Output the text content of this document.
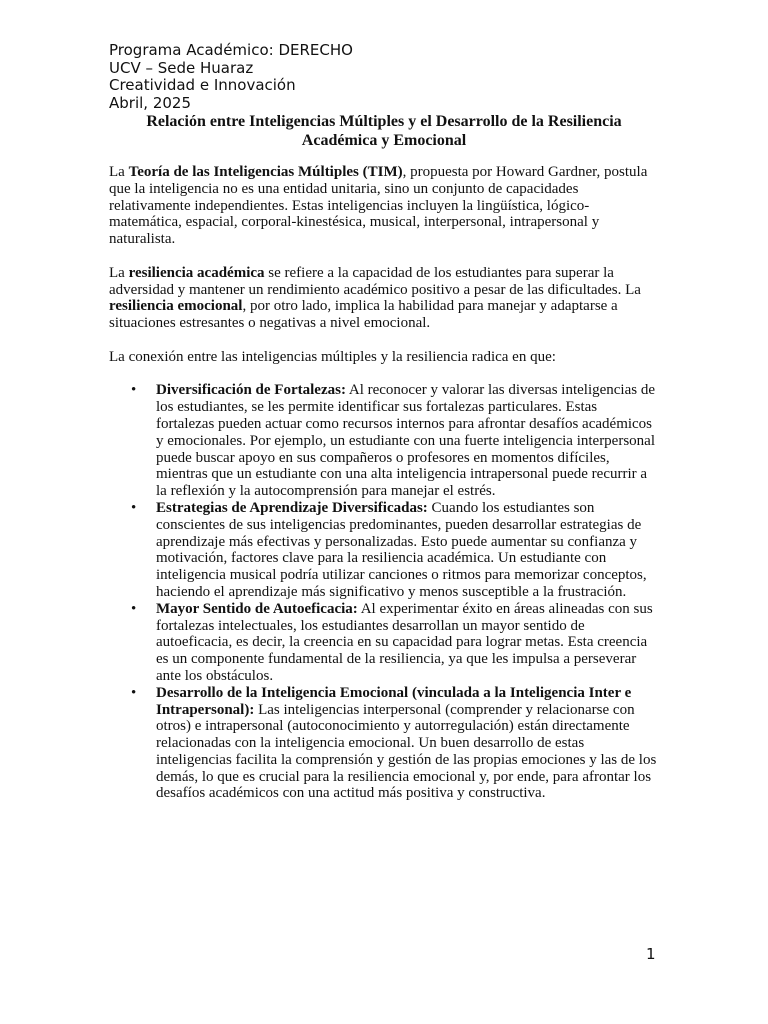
Programa Académico: DERECHO
UCV – Sede Huaraz
Creatividad e Innovación
Abril, 2025
Relación entre Inteligencias Múltiples y el Desarrollo de la Resiliencia
Académica y Emocional

La Teoría de las Inteligencias Múltiples (TIM), propuesta por Howard Gardner, postula que la inteligencia no es una entidad unitaria, sino un conjunto de capacidades relativamente independientes. Estas inteligencias incluyen la lingüística, lógico-matemática, espacial, corporal-kinestésica, musical, interpersonal, intrapersonal y naturalista.

La resiliencia académica se refiere a la capacidad de los estudiantes para superar la adversidad y mantener un rendimiento académico positivo a pesar de las dificultades. La resiliencia emocional, por otro lado, implica la habilidad para manejar y adaptarse a situaciones estresantes o negativas a nivel emocional.

La conexión entre las inteligencias múltiples y la resiliencia radica en que:

• Diversificación de Fortalezas: Al reconocer y valorar las diversas inteligencias de los estudiantes, se les permite identificar sus fortalezas particulares. Estas fortalezas pueden actuar como recursos internos para afrontar desafíos académicos y emocionales. Por ejemplo, un estudiante con una fuerte inteligencia interpersonal puede buscar apoyo en sus compañeros o profesores en momentos difíciles, mientras que un estudiante con una alta inteligencia intrapersonal puede recurrir a la reflexión y la autocomprensión para manejar el estrés.
• Estrategias de Aprendizaje Diversificadas: Cuando los estudiantes son conscientes de sus inteligencias predominantes, pueden desarrollar estrategias de aprendizaje más efectivas y personalizadas. Esto puede aumentar su confianza y motivación, factores clave para la resiliencia académica. Un estudiante con inteligencia musical podría utilizar canciones o ritmos para memorizar conceptos, haciendo el aprendizaje más significativo y menos susceptible a la frustración.
• Mayor Sentido de Autoeficacia: Al experimentar éxito en áreas alineadas con sus fortalezas intelectuales, los estudiantes desarrollan un mayor sentido de autoeficacia, es decir, la creencia en su capacidad para lograr metas. Esta creencia es un componente fundamental de la resiliencia, ya que les impulsa a perseverar ante los obstáculos.
• Desarrollo de la Inteligencia Emocional (vinculada a la Inteligencia Inter e Intrapersonal): Las inteligencias interpersonal (comprender y relacionarse con otros) e intrapersonal (autoconocimiento y autorregulación) están directamente relacionadas con la inteligencia emocional. Un buen desarrollo de estas inteligencias facilita la comprensión y gestión de las propias emociones y las de los demás, lo que es crucial para la resiliencia emocional y, por ende, para afrontar los desafíos académicos con una actitud más positiva y constructiva.
1
